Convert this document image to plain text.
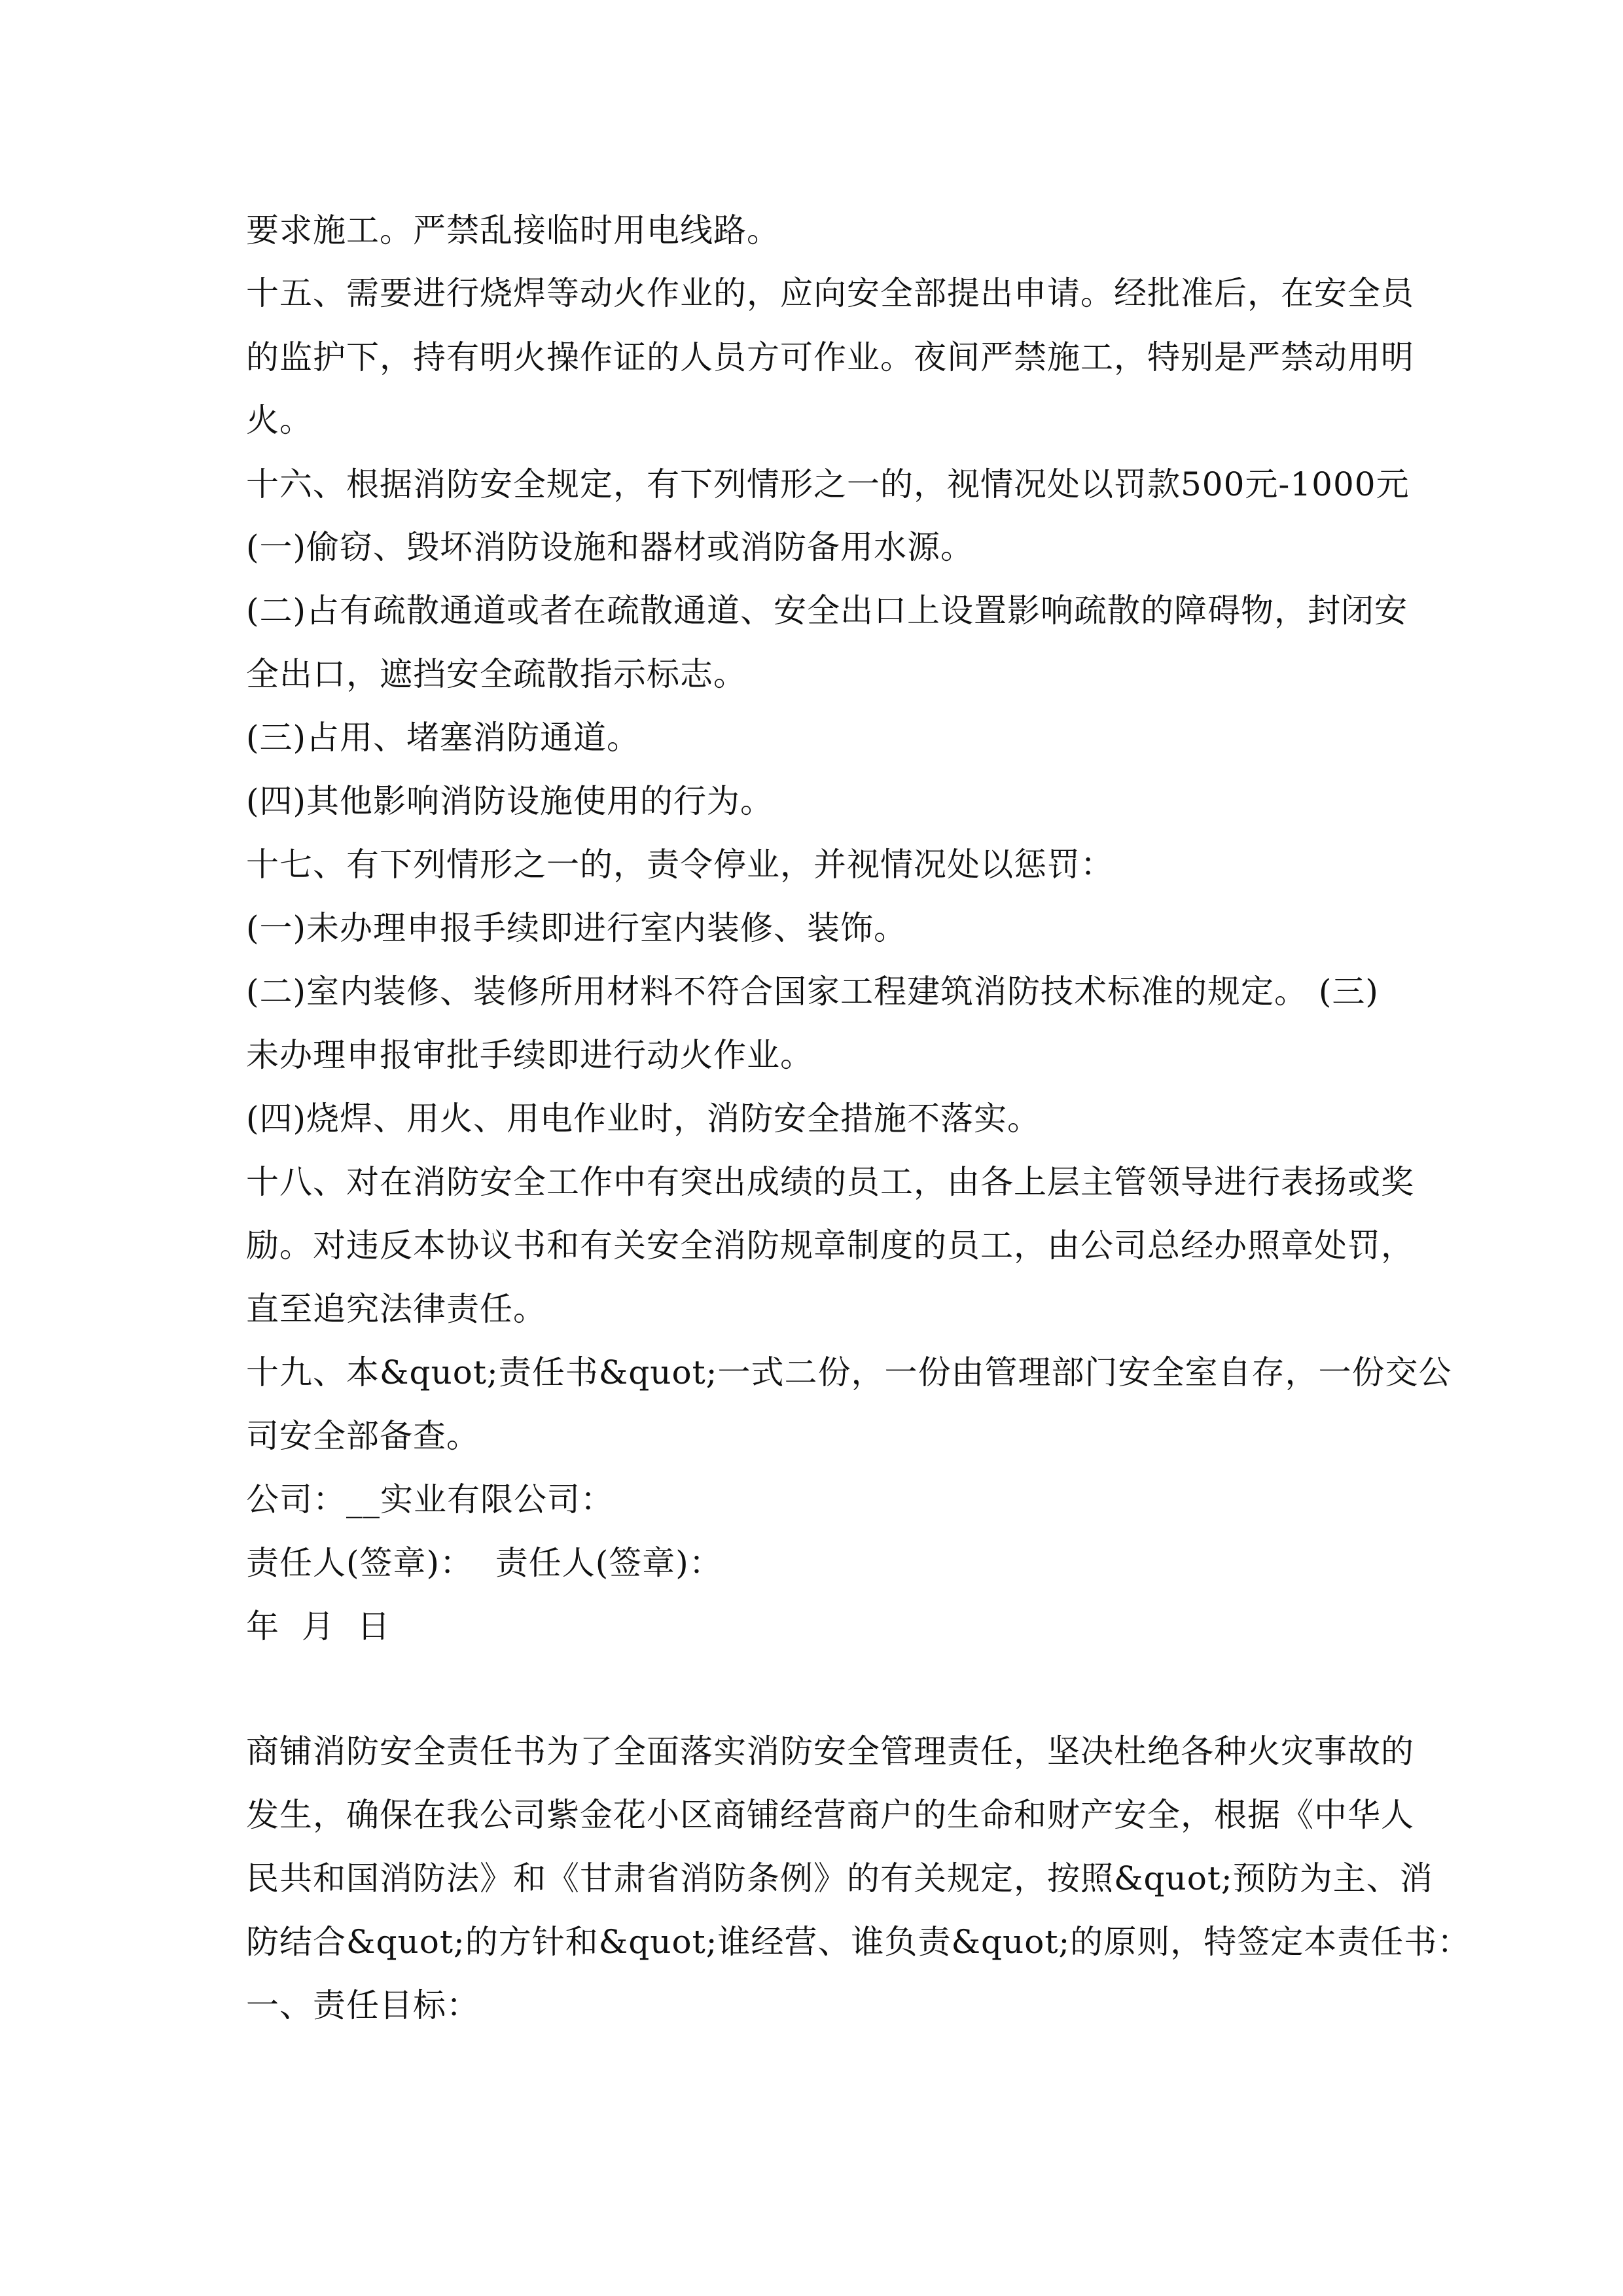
要求施工。严禁乱接临时用电线路。
十五、需要进行烧焊等动火作业的，应向安全部提出申请。经批准后，在安全员
的监护下，持有明火操作证的人员方可作业。夜间严禁施工，特别是严禁动用明
火。
十六、根据消防安全规定，有下列情形之一的，视情况处以罚款500元-1000元
(一)偷窃、毁坏消防设施和器材或消防备用水源。
(二)占有疏散通道或者在疏散通道、安全出口上设置影响疏散的障碍物，封闭安
全出口，遮挡安全疏散指示标志。
(三)占用、堵塞消防通道。
(四)其他影响消防设施使用的行为。
十七、有下列情形之一的，责令停业，并视情况处以惩罚：
(一)未办理申报手续即进行室内装修、装饰。
(二)室内装修、装修所用材料不符合国家工程建筑消防技术标准的规定。 (三)
未办理申报审批手续即进行动火作业。
(四)烧焊、用火、用电作业时，消防安全措施不落实。
十八、对在消防安全工作中有突出成绩的员工，由各上层主管领导进行表扬或奖
励。对违反本协议书和有关安全消防规章制度的员工，由公司总经办照章处罚，
直至追究法律责任。
十九、本&quot;责任书&quot;一式二份，一份由管理部门安全室自存，一份交公
司安全部备查。
公司：__实业有限公司：
责任人(签章)：  责任人(签章)：
年  月  日
商铺消防安全责任书为了全面落实消防安全管理责任，坚决杜绝各种火灾事故的
发生，确保在我公司紫金花小区商铺经营商户的生命和财产安全，根据《中华人
民共和国消防法》和《甘肃省消防条例》的有关规定，按照&quot;预防为主、消
防结合&quot;的方针和&quot;谁经营、谁负责&quot;的原则，特签定本责任书：
一、责任目标：
